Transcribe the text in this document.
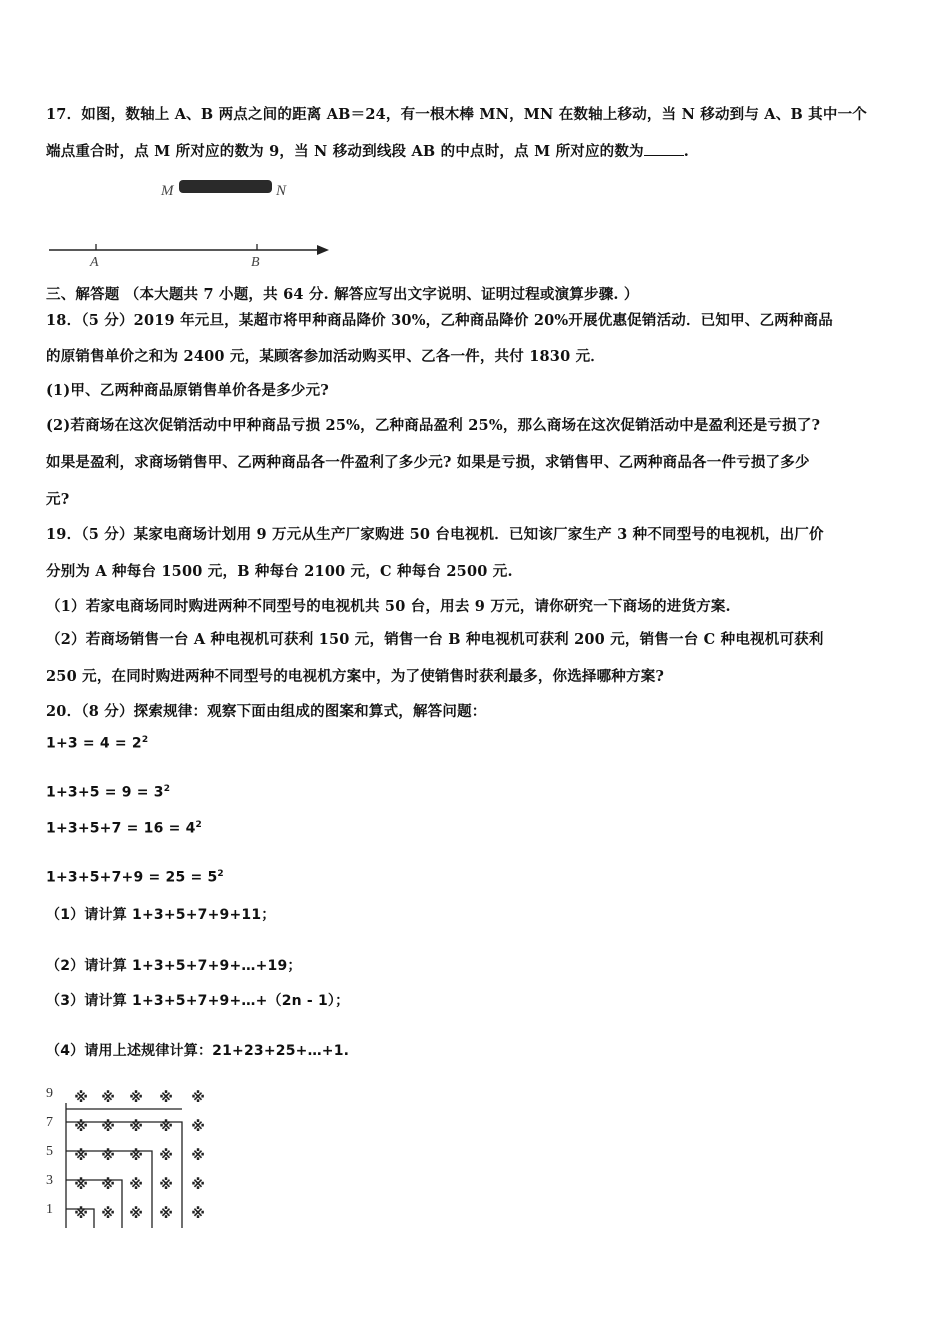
17．如图，数轴上 A、B 两点之间的距离 AB＝24，有一根木棒 MN，MN 在数轴上移动，当 N 移动到与 A、B 其中一个
端点重合时，点 M 所对应的数为 9，当 N 移动到线段 AB 的中点时，点 M 所对应的数为	.
M	N
A	B
三、解答题 （本大题共 7 小题，共 64 分. 解答应写出文字说明、证明过程或演算步骤. ）
18．（5 分）2019 年元旦，某超市将甲种商品降价 30%，乙种商品降价 20%开展优惠促销活动．已知甲、乙两种商品
的原销售单价之和为 2400 元，某顾客参加活动购买甲、乙各一件，共付 1830 元．
(1)甲、乙两种商品原销售单价各是多少元?
(2)若商场在这次促销活动中甲种商品亏损 25%，乙种商品盈利 25%，那么商场在这次促销活动中是盈利还是亏损了?
如果是盈利，求商场销售甲、乙两种商品各一件盈利了多少元? 如果是亏损，求销售甲、乙两种商品各一件亏损了多少
元?
19．（5 分）某家电商场计划用 9 万元从生产厂家购进 50 台电视机．已知该厂家生产 3 种不同型号的电视机，出厂价
分别为 A 种每台 1500 元，B 种每台 2100 元，C 种每台 2500 元.
（1）若家电商场同时购进两种不同型号的电视机共 50 台，用去 9 万元，请你研究一下商场的进货方案.
（2）若商场销售一台 A 种电视机可获利 150 元，销售一台 B 种电视机可获利 200 元，销售一台 C 种电视机可获利
250 元，在同时购进两种不同型号的电视机方案中，为了使销售时获利最多，你选择哪种方案?
20．（8 分）探索规律：观察下面由组成的图案和算式，解答问题：
$1+3 = 4 = 2^2$
$1+3+5 = 9 = 3^2$
$1+3+5+7 = 16 = 4^2$
$1+3+5+7+9 = 25 = 5^2$
（1）请计算 1+3+5+7+9+11；
（2）请计算 1+3+5+7+9+…+19；
（3）请计算 1+3+5+7+9+…+（2n - 1）；
（4）请用上述规律计算：21+23+25+…+1.
9 ※ ※ ※ ※ ※
7 ※ ※ ※ ※ ※
5 ※ ※ ※ ※ ※
3 ※ ※ ※ ※ ※
1 ※ ※ ※ ※ ※
